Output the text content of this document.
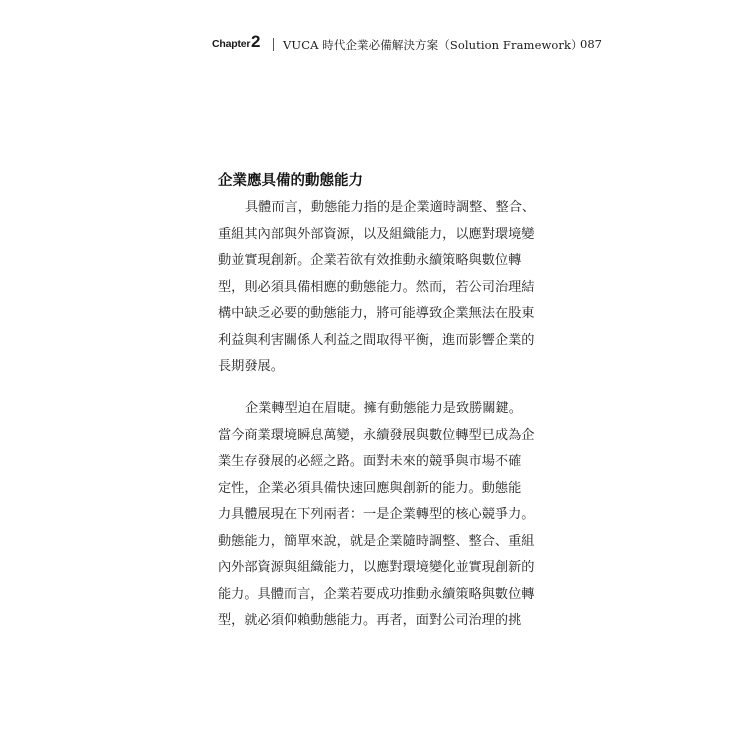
Chapter 2 VUCA 時代企業必備解決方案（Solution Framework）
087
企業應具備的動態能力
具體而言，動態能力指的是企業適時調整、整合、
重組其內部與外部資源，以及組織能力，以應對環境變
動並實現創新。企業若欲有效推動永續策略與數位轉
型，則必須具備相應的動態能力。然而，若公司治理結
構中缺乏必要的動態能力，將可能導致企業無法在股東
利益與利害關係人利益之間取得平衡，進而影響企業的
長期發展。
企業轉型迫在眉睫。擁有動態能力是致勝關鍵。
當今商業環境瞬息萬變，永續發展與數位轉型已成為企
業生存發展的必經之路。面對未來的競爭與市場不確
定性，企業必須具備快速回應與創新的能力。動態能
力具體展現在下列兩者：一是企業轉型的核心競爭力。
動態能力，簡單來說，就是企業隨時調整、整合、重組
內外部資源與組織能力，以應對環境變化並實現創新的
能力。具體而言，企業若要成功推動永續策略與數位轉
型，就必須仰賴動態能力。再者，面對公司治理的挑
